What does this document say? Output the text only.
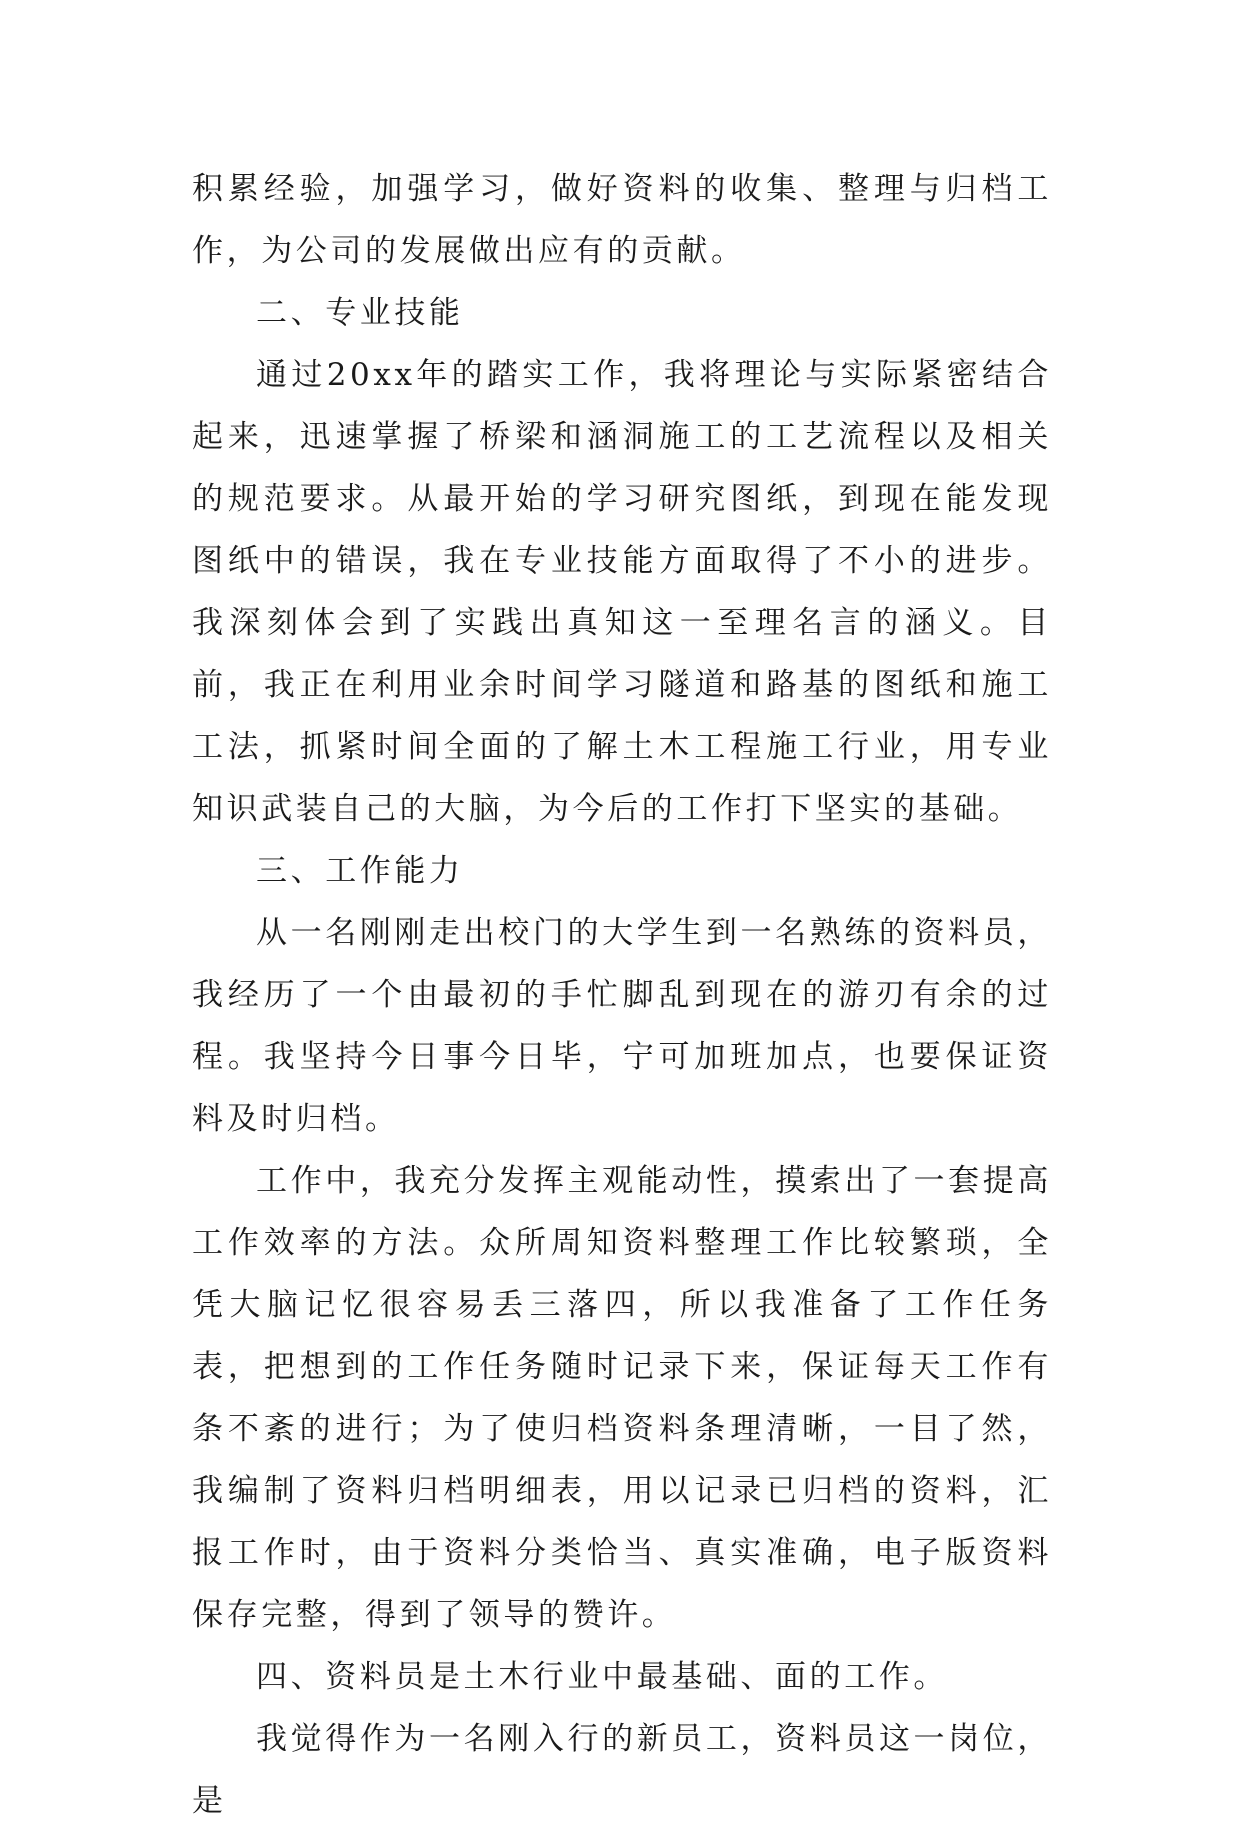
积累经验，加强学习，做好资料的收集、整理与归档工作，为公司的发展做出应有的贡献。

二、专业技能

通过20xx年的踏实工作，我将理论与实际紧密结合起来，迅速掌握了桥梁和涵洞施工的工艺流程以及相关的规范要求。从最开始的学习研究图纸，到现在能发现图纸中的错误，我在专业技能方面取得了不小的进步。我深刻体会到了实践出真知这一至理名言的涵义。目前，我正在利用业余时间学习隧道和路基的图纸和施工工法，抓紧时间全面的了解土木工程施工行业，用专业知识武装自己的大脑，为今后的工作打下坚实的基础。

三、工作能力

从一名刚刚走出校门的大学生到一名熟练的资料员，我经历了一个由最初的手忙脚乱到现在的游刃有余的过程。我坚持今日事今日毕，宁可加班加点，也要保证资料及时归档。

工作中，我充分发挥主观能动性，摸索出了一套提高工作效率的方法。众所周知资料整理工作比较繁琐，全凭大脑记忆很容易丢三落四，所以我准备了工作任务表，把想到的工作任务随时记录下来，保证每天工作有条不紊的进行；为了使归档资料条理清晰，一目了然，我编制了资料归档明细表，用以记录已归档的资料，汇报工作时，由于资料分类恰当、真实准确，电子版资料保存完整，得到了领导的赞许。

四、资料员是土木行业中最基础、面的工作。

我觉得作为一名刚入行的新员工，资料员这一岗位，是
